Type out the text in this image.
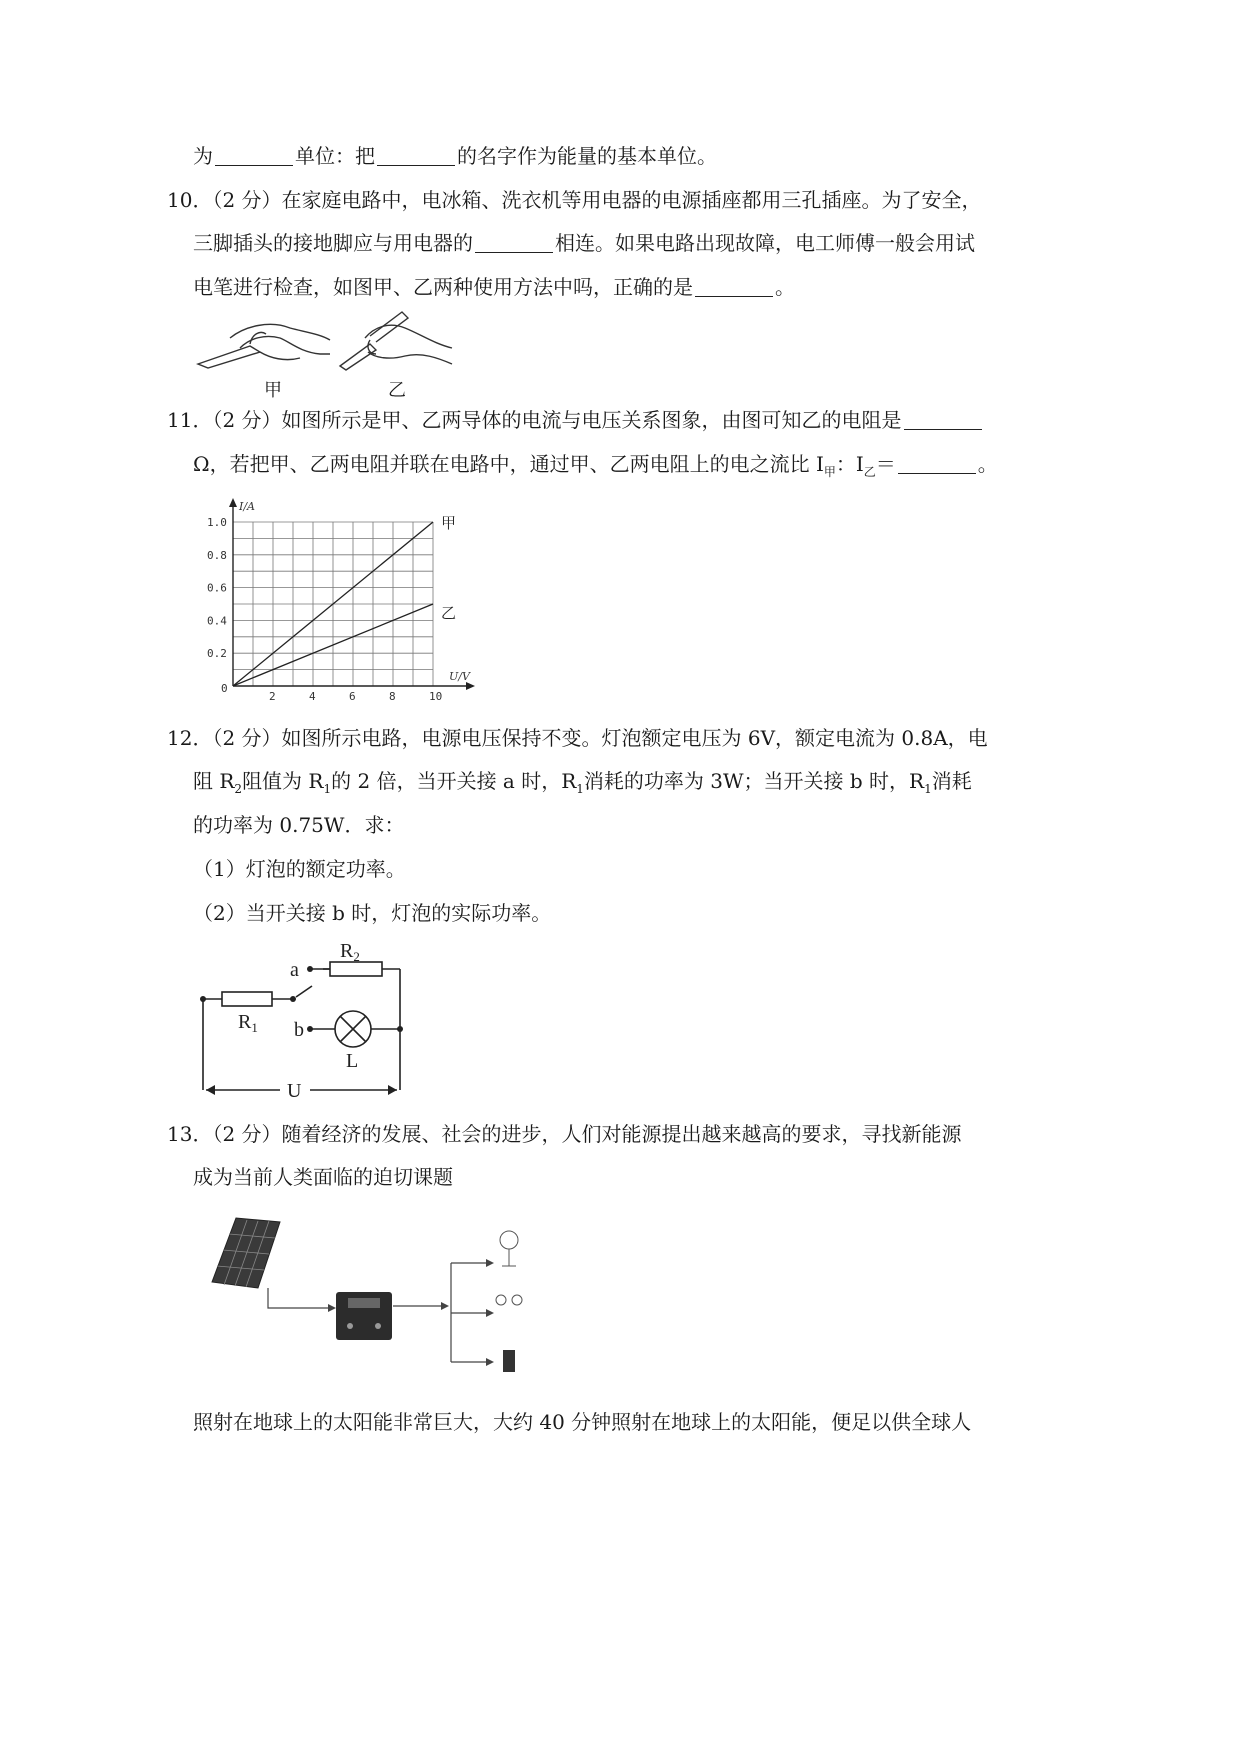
为	单位：把	的名字作为能量的基本单位。
10．（2 分）在家庭电路中，电冰箱、洗衣机等用电器的电源插座都用三孔插座。为了安全，
三脚插头的接地脚应与用电器的	相连。如果电路出现故障，电工师傅一般会用试
电笔进行检查，如图甲、乙两种使用方法中吗，正确的是	。
甲	乙
11．（2 分）如图所示是甲、乙两导体的电流与电压关系图象，由图可知乙的电阻是
Ω，若把甲、乙两电阻并联在电路中，通过甲、乙两电阻上的电之流比 $I_甲$：$I_乙=$	。
2	4	6	8	10
0.2
0.4
0.6
0.8
1.0
0
U/V
I/A
甲
乙
12．（2 分）如图所示电路，电源电压保持不变。灯泡额定电压为 6V，额定电流为 0.8A，电
阻 $R_2$阻值为 $R_1$的 2 倍，当开关接 a 时，$R_1$消耗的功率为 3W；当开关接 b 时，$R_1$消耗
的功率为 0.75W．求：
（1）灯泡的额定功率。
（2）当开关接 b 时，灯泡的实际功率。
a
b
$R_2$
$R_1$
L
U
13．（2 分）随着经济的发展、社会的进步，人们对能源提出越来越高的要求，寻找新能源
成为当前人类面临的迫切课题
照射在地球上的太阳能非常巨大，大约 40 分钟照射在地球上的太阳能，便足以供全球人
